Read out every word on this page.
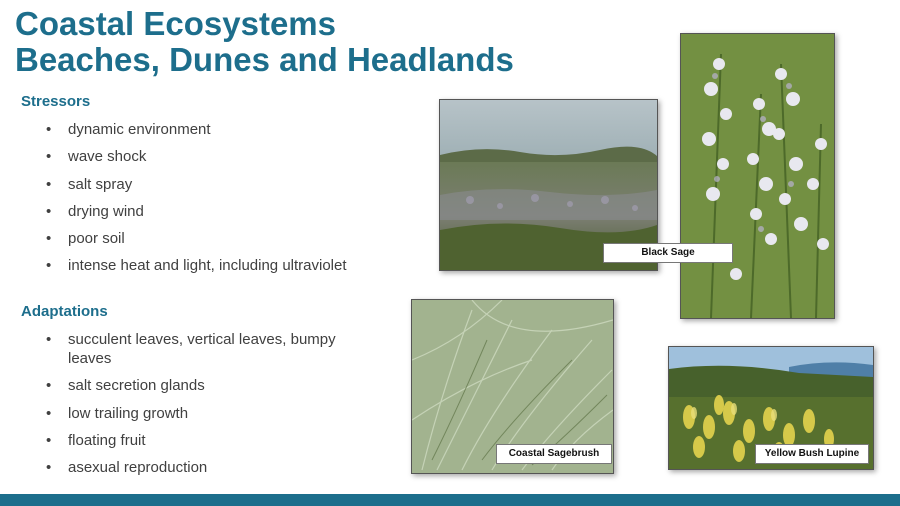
Coastal Ecosystems
Beaches, Dunes and Headlands
Stressors
• dynamic environment
• wave shock
• salt spray
• drying wind
• poor soil
• intense heat and light, including ultraviolet
Adaptations
• succulent leaves, vertical leaves, bumpy leaves
• salt secretion glands
• low trailing growth
• floating fruit
• asexual reproduction
Black Sage
Coastal Sagebrush	Yellow Bush Lupine
